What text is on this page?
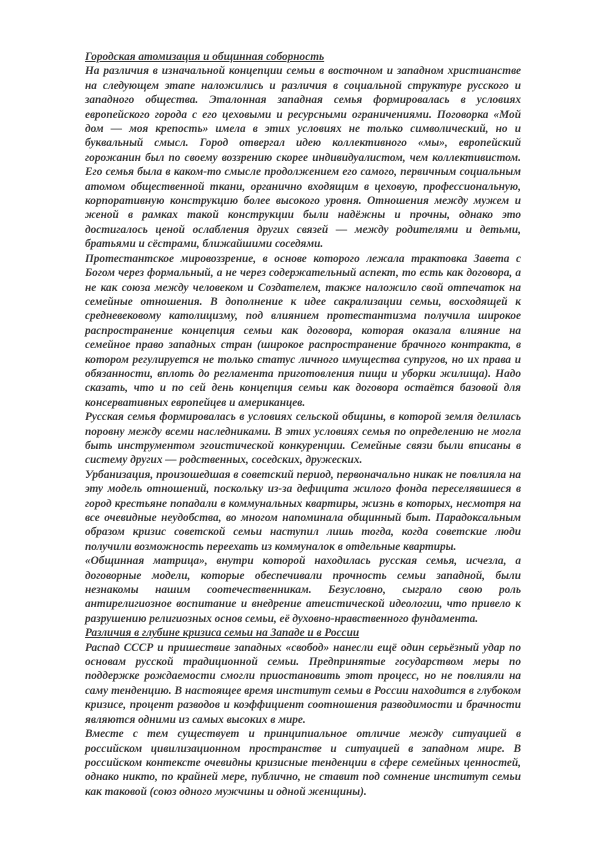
Городская атомизация и общинная соборность

На различия в изначальной концепции семьи в восточном и западном христианстве на следующем этапе наложились и различия в социальной структуре русского и западного общества. Эталонная западная семья формировалась в условиях европейского города с его цеховыми и ресурсными ограничениями. Поговорка «Мой дом — моя крепость» имела в этих условиях не только символический, но и буквальный смысл. Город отвергал идею коллективного «мы», европейский горожанин был по своему воззрению скорее индивидуалистом, чем коллективистом. Его семья была в каком-то смысле продолжением его самого, первичным социальным атомом общественной ткани, органично входящим в цеховую, профессиональную, корпоративную конструкцию более высокого уровня. Отношения между мужем и женой в рамках такой конструкции были надёжны и прочны, однако это достигалось ценой ослабления других связей — между родителями и детьми, братьями и сёстрами, ближайшими соседями.

Протестантское мировоззрение, в основе которого лежала трактовка Завета с Богом через формальный, а не через содержательный аспект, то есть как договора, а не как союза между человеком и Создателем, также наложило свой отпечаток на семейные отношения. В дополнение к идее сакрализации семьи, восходящей к средневековому католицизму, под влиянием протестантизма получила широкое распространение концепция семьи как договора, которая оказала влияние на семейное право западных стран (широкое распространение брачного контракта, в котором регулируется не только статус личного имущества супругов, но их права и обязанности, вплоть до регламента приготовления пищи и уборки жилища). Надо сказать, что и по сей день концепция семьи как договора остаётся базовой для консервативных европейцев и американцев.

Русская семья формировалась в условиях сельской общины, в которой земля делилась поровну между всеми наследниками. В этих условиях семья по определению не могла быть инструментом эгоистической конкуренции. Семейные связи были вписаны в систему других — родственных, соседских, дружеских.

Урбанизация, произошедшая в советский период, первоначально никак не повлияла на эту модель отношений, поскольку из-за дефицита жилого фонда переселявшиеся в город крестьяне попадали в коммунальных квартиры, жизнь в которых, несмотря на все очевидные неудобства, во многом напоминала общинный быт. Парадоксальным образом кризис советской семьи наступил лишь тогда, когда советские люди получили возможность переехать из коммуналок в отдельные квартиры.

«Общинная матрица», внутри которой находилась русская семья, исчезла, а договорные модели, которые обеспечивали прочность семьи западной, были незнакомы нашим соотечественникам. Безусловно, сыграло свою роль антирелигиозное воспитание и внедрение атеистической идеологии, что привело к разрушению религиозных основ семьи, её духовно-нравственного фундамента.

Различия в глубине кризиса семьи на Западе и в России

Распад СССР и пришествие западных «свобод» нанесли ещё один серьёзный удар по основам русской традиционной семьи. Предпринятые государством меры по поддержке рождаемости смогли приостановить этот процесс, но не повлияли на саму тенденцию. В настоящее время институт семьи в России находится в глубоком кризисе, процент разводов и коэффициент соотношения разводимости и брачности являются одними из самых высоких в мире.

Вместе с тем существует и принципиальное отличие между ситуацией в российском цивилизационном пространстве и ситуацией в западном мире. В российском контексте очевидны кризисные тенденции в сфере семейных ценностей, однако никто, по крайней мере, публично, не ставит под сомнение институт семьи как таковой (союз одного мужчины и одной женщины).
